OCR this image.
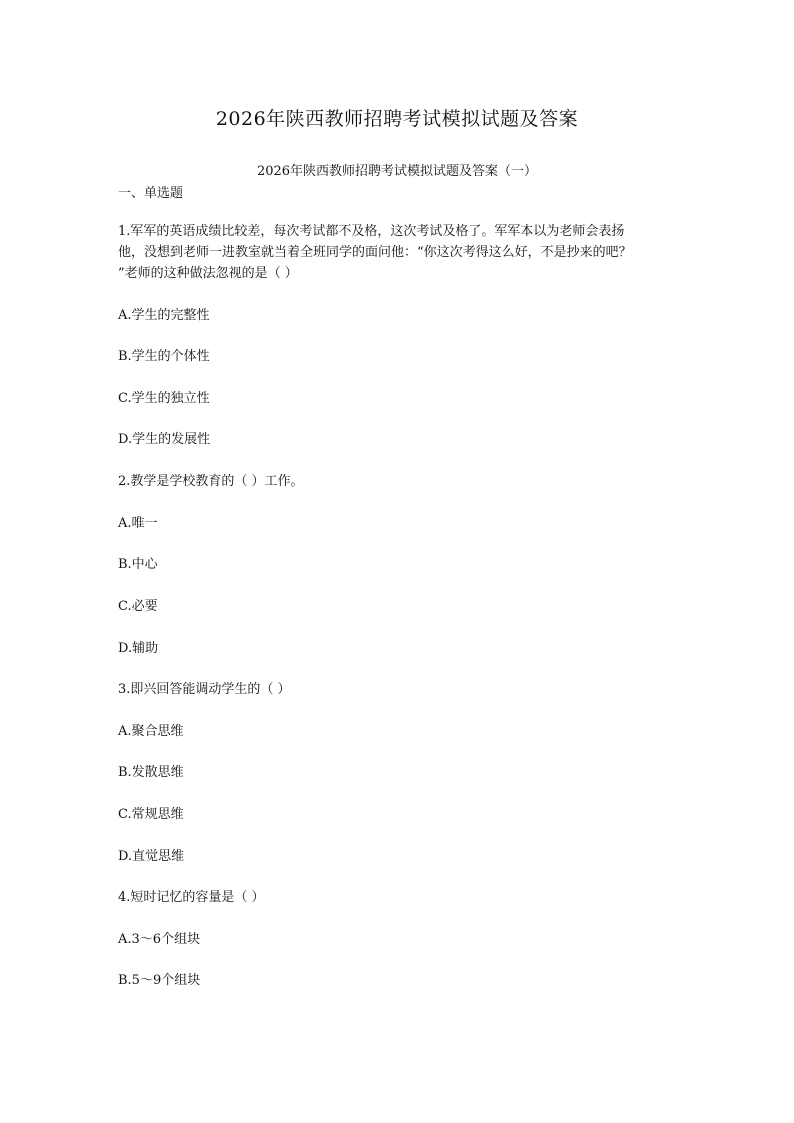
2026年陕西教师招聘考试模拟试题及答案
2026年陕西教师招聘考试模拟试题及答案（一）
一、单选题
1.军军的英语成绩比较差，每次考试都不及格，这次考试及格了。军军本以为老师会表扬
他，没想到老师一进教室就当着全班同学的面问他：“你这次考得这么好，不是抄来的吧？
”老师的这种做法忽视的是（ ）

A.学生的完整性

B.学生的个体性

C.学生的独立性

D.学生的发展性

2.教学是学校教育的（ ）工作。

A.唯一

B.中心

C.必要

D.辅助

3.即兴回答能调动学生的（ ）

A.聚合思维

B.发散思维

C.常规思维

D.直觉思维

4.短时记忆的容量是（ ）

A.3～6个组块

B.5～9个组块
